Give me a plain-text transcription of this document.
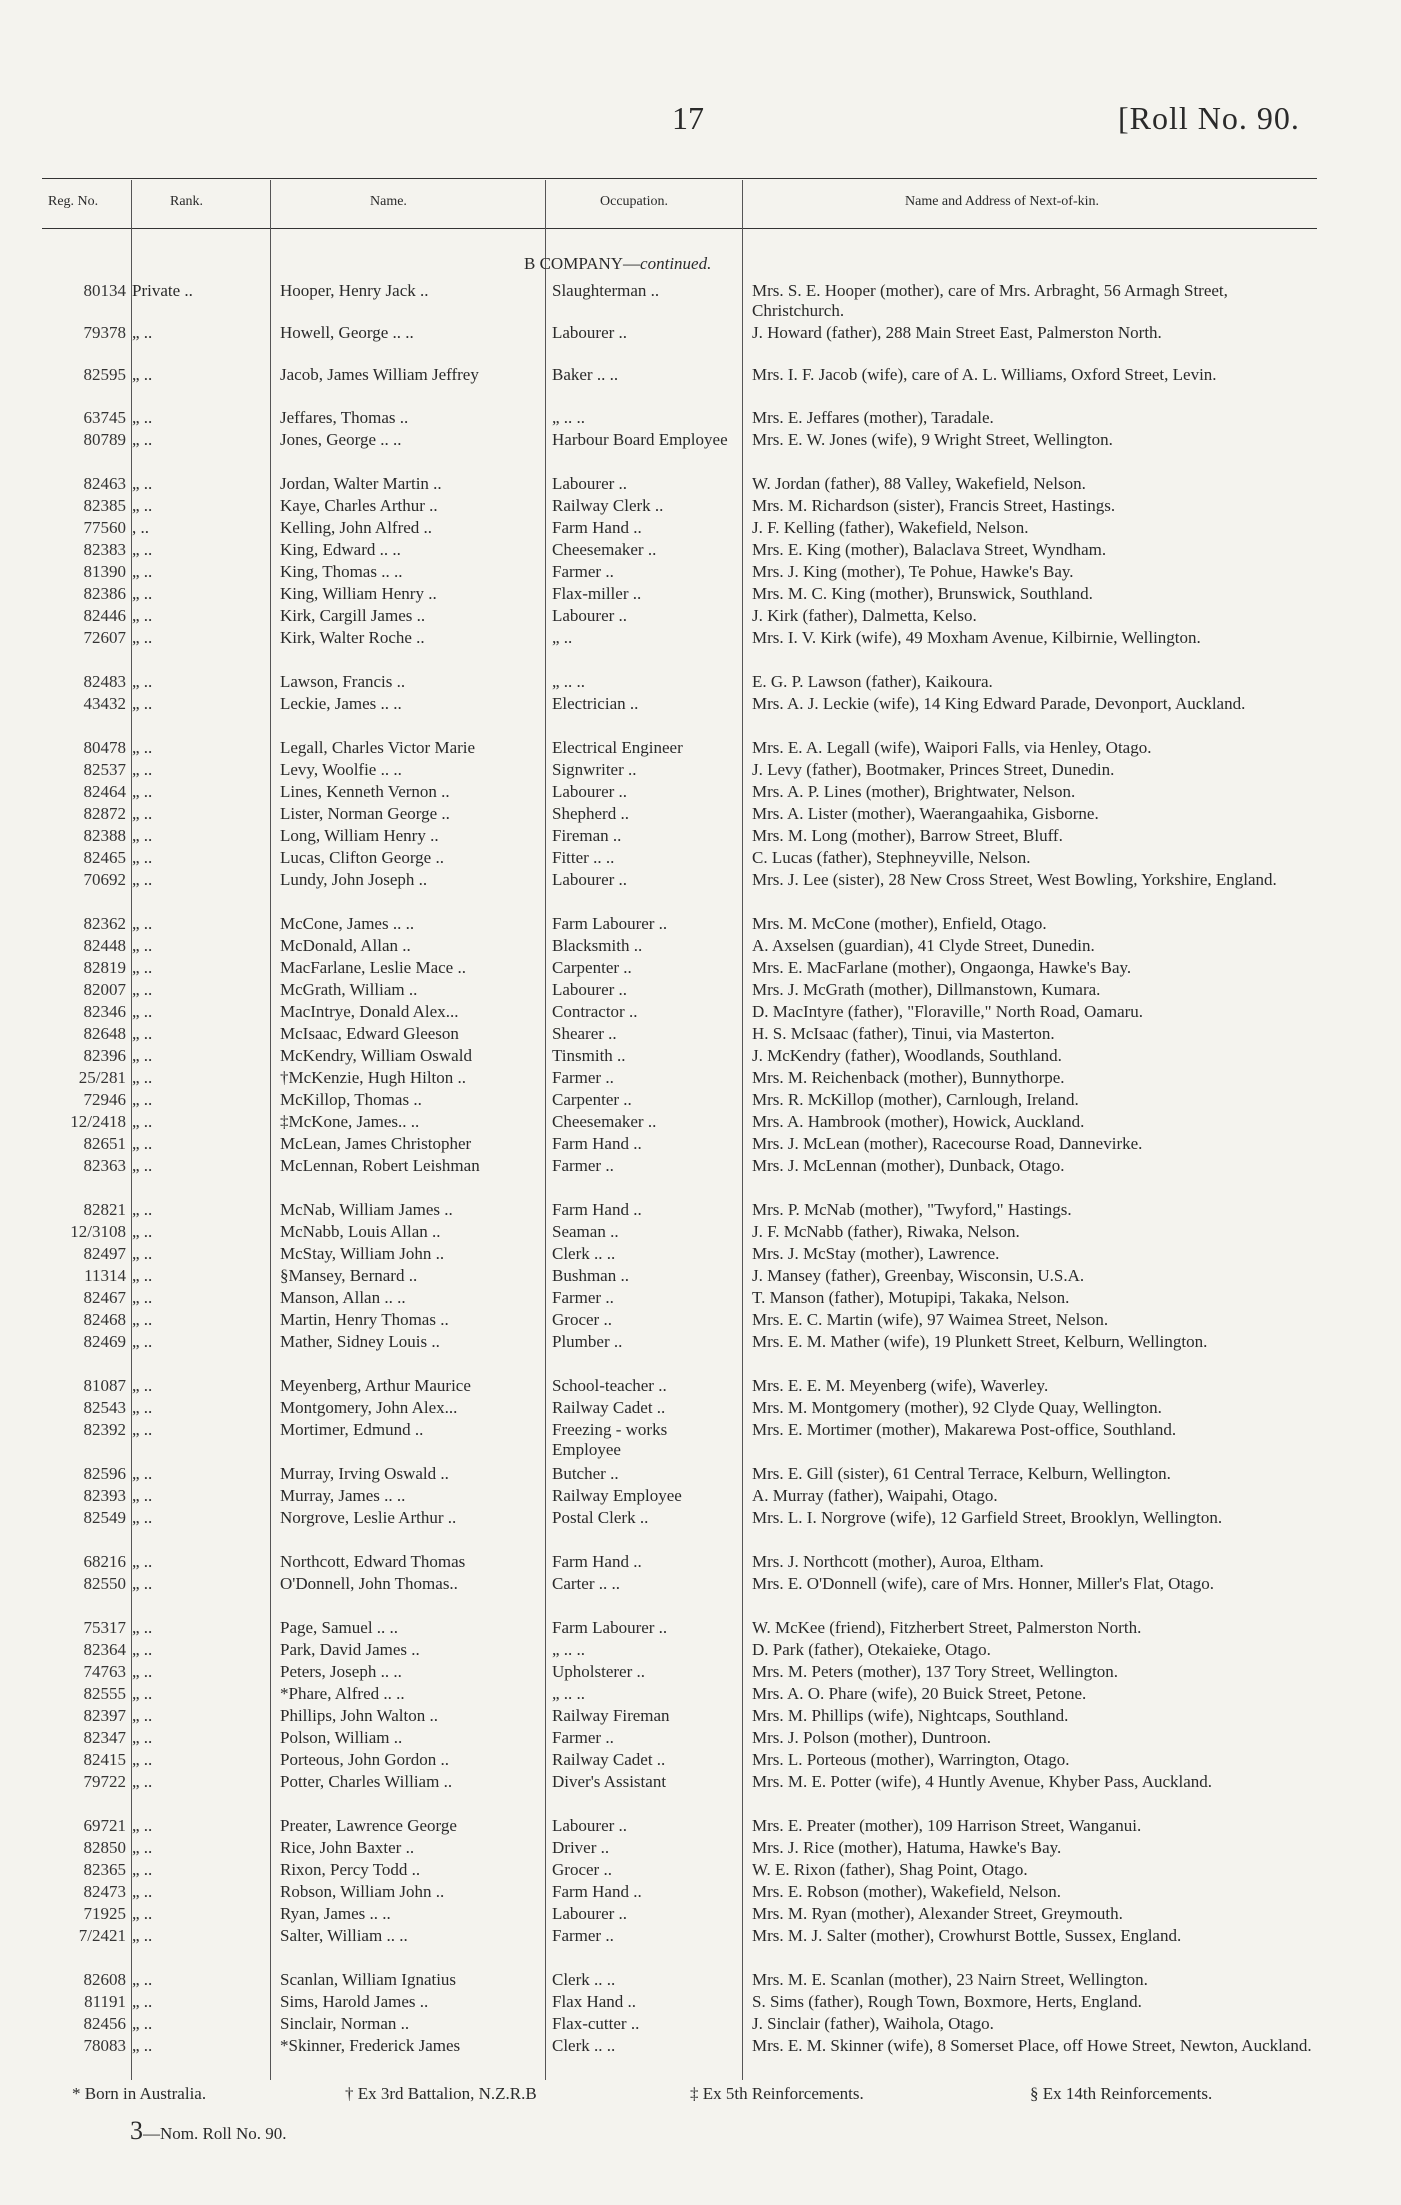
17	[Roll No. 90.
Reg. No.	Rank.	Name.	Occupation.	Name and Address of Next-of-kin.
B COMPANY—continued.
80134 Private ..	Hooper, Henry Jack ..	Slaughterman ..	Mrs. S. E. Hooper (mother), care of Mrs. Arbraght, 56 Armagh Street, Christchurch.
79378 „ ..	Howell, George .. ..	Labourer ..	J. Howard (father), 288 Main Street East, Palmerston North.
82595 „ ..	Jacob, James William Jeffrey	Baker .. ..	Mrs. I. F. Jacob (wife), care of A. L. Williams, Oxford Street, Levin.
63745 „ ..	Jeffares, Thomas ..	„ .. ..	Mrs. E. Jeffares (mother), Taradale.
80789 „ ..	Jones, George .. ..	Harbour Board Employee Mrs. E. W. Jones (wife), 9 Wright Street, Wellington.
82463 „ ..	Jordan, Walter Martin ..	Labourer ..	W. Jordan (father), 88 Valley, Wakefield, Nelson.
82385 „ ..	Kaye, Charles Arthur ..	Railway Clerk ..	Mrs. M. Richardson (sister), Francis Street, Hastings.
77560 , ..	Kelling, John Alfred ..	Farm Hand ..	J. F. Kelling (father), Wakefield, Nelson.
82383 „ ..	King, Edward .. ..	Cheesemaker ..	Mrs. E. King (mother), Balaclava Street, Wyndham.
81390 „ ..	King, Thomas .. ..	Farmer ..	Mrs. J. King (mother), Te Pohue, Hawke's Bay.
82386 „ ..	King, William Henry ..	Flax-miller ..	Mrs. M. C. King (mother), Brunswick, Southland.
82446 „ ..	Kirk, Cargill James ..	Labourer ..	J. Kirk (father), Dalmetta, Kelso.
72607 „ ..	Kirk, Walter Roche ..	„ ..	Mrs. I. V. Kirk (wife), 49 Moxham Avenue, Kilbirnie, Wellington.
82483 „ ..	Lawson, Francis ..	„ .. ..	E. G. P. Lawson (father), Kaikoura.
43432 „ ..	Leckie, James .. ..	Electrician ..	Mrs. A. J. Leckie (wife), 14 King Edward Parade, Devonport, Auckland.
80478 „ ..	Legall, Charles Victor Marie	Electrical Engineer	Mrs. E. A. Legall (wife), Waipori Falls, via Henley, Otago.
82537 „ ..	Levy, Woolfie .. ..	Signwriter ..	J. Levy (father), Bootmaker, Princes Street, Dunedin.
82464 „ ..	Lines, Kenneth Vernon ..	Labourer ..	Mrs. A. P. Lines (mother), Brightwater, Nelson.
82872 „ ..	Lister, Norman George ..	Shepherd ..	Mrs. A. Lister (mother), Waerangaahika, Gisborne.
82388 „ ..	Long, William Henry ..	Fireman ..	Mrs. M. Long (mother), Barrow Street, Bluff.
82465 „ ..	Lucas, Clifton George ..	Fitter .. ..	C. Lucas (father), Stephneyville, Nelson.
70692 „ ..	Lundy, John Joseph ..	Labourer ..	Mrs. J. Lee (sister), 28 New Cross Street, West Bowling, Yorkshire, England.
82362 „ ..	McCone, James .. ..	Farm Labourer ..	Mrs. M. McCone (mother), Enfield, Otago.
82448 „ ..	McDonald, Allan ..	Blacksmith ..	A. Axselsen (guardian), 41 Clyde Street, Dunedin.
82819 „ ..	MacFarlane, Leslie Mace ..	Carpenter ..	Mrs. E. MacFarlane (mother), Ongaonga, Hawke's Bay.
82007 „ ..	McGrath, William ..	Labourer ..	Mrs. J. McGrath (mother), Dillmanstown, Kumara.
82346 „ ..	MacIntrye, Donald Alex...	Contractor ..	D. MacIntyre (father), "Floraville," North Road, Oamaru.
82648 „ ..	McIsaac, Edward Gleeson	Shearer ..	H. S. McIsaac (father), Tinui, via Masterton.
82396 „ ..	McKendry, William Oswald	Tinsmith ..	J. McKendry (father), Woodlands, Southland.
25/281 „ ..	†McKenzie, Hugh Hilton ..	Farmer ..	Mrs. M. Reichenback (mother), Bunnythorpe.
72946 „ ..	McKillop, Thomas ..	Carpenter ..	Mrs. R. McKillop (mother), Carnlough, Ireland.
12/2418 „ ..	‡McKone, James.. ..	Cheesemaker ..	Mrs. A. Hambrook (mother), Howick, Auckland.
82651 „ ..	McLean, James Christopher	Farm Hand ..	Mrs. J. McLean (mother), Racecourse Road, Dannevirke.
82363 „ ..	McLennan, Robert Leishman	Farmer ..	Mrs. J. McLennan (mother), Dunback, Otago.
82821 „ ..	McNab, William James ..	Farm Hand ..	Mrs. P. McNab (mother), "Twyford," Hastings.
12/3108 „ ..	McNabb, Louis Allan ..	Seaman ..	J. F. McNabb (father), Riwaka, Nelson.
82497 „ ..	McStay, William John ..	Clerk .. ..	Mrs. J. McStay (mother), Lawrence.
11314 „ ..	§Mansey, Bernard ..	Bushman ..	J. Mansey (father), Greenbay, Wisconsin, U.S.A.
82467 „ ..	Manson, Allan .. ..	Farmer ..	T. Manson (father), Motupipi, Takaka, Nelson.
82468 „ ..	Martin, Henry Thomas ..	Grocer ..	Mrs. E. C. Martin (wife), 97 Waimea Street, Nelson.
82469 „ ..	Mather, Sidney Louis ..	Plumber ..	Mrs. E. M. Mather (wife), 19 Plunkett Street, Kelburn, Wellington.
81087 „ ..	Meyenberg, Arthur Maurice	School-teacher ..	Mrs. E. E. M. Meyenberg (wife), Waverley.
82543 „ ..	Montgomery, John Alex...	Railway Cadet ..	Mrs. M. Montgomery (mother), 92 Clyde Quay, Wellington.
82392 „ ..	Mortimer, Edmund ..	Freezing - works Employee
Mrs. E. Mortimer (mother), Makarewa Post-office, Southland.
82596 „ ..	Murray, Irving Oswald ..	Butcher ..	Mrs. E. Gill (sister), 61 Central Terrace, Kelburn, Wellington.
82393 „ ..	Murray, James .. ..	Railway Employee	A. Murray (father), Waipahi, Otago.
82549 „ ..	Norgrove, Leslie Arthur ..	Postal Clerk ..	Mrs. L. I. Norgrove (wife), 12 Garfield Street, Brooklyn, Wellington.
68216 „ ..	Northcott, Edward Thomas	Farm Hand ..	Mrs. J. Northcott (mother), Auroa, Eltham.
82550 „ ..	O'Donnell, John Thomas..	Carter .. ..	Mrs. E. O'Donnell (wife), care of Mrs. Honner, Miller's Flat, Otago.
75317 „ ..	Page, Samuel .. ..	Farm Labourer ..	W. McKee (friend), Fitzherbert Street, Palmerston North.
82364 „ ..	Park, David James ..	„ .. ..	D. Park (father), Otekaieke, Otago.
74763 „ ..	Peters, Joseph .. ..	Upholsterer ..	Mrs. M. Peters (mother), 137 Tory Street, Wellington.
82555 „ ..	*Phare, Alfred .. ..	„ .. ..	Mrs. A. O. Phare (wife), 20 Buick Street, Petone.
82397 „ ..	Phillips, John Walton ..	Railway Fireman	Mrs. M. Phillips (wife), Nightcaps, Southland.
82347 „ ..	Polson, William ..	Farmer ..	Mrs. J. Polson (mother), Duntroon.
82415 „ ..	Porteous, John Gordon ..	Railway Cadet ..	Mrs. L. Porteous (mother), Warrington, Otago.
79722 „ ..	Potter, Charles William ..	Diver's Assistant	Mrs. M. E. Potter (wife), 4 Huntly Avenue, Khyber Pass, Auckland.
69721 „ ..	Preater, Lawrence George	Labourer ..	Mrs. E. Preater (mother), 109 Harrison Street, Wanganui.
82850 „ ..	Rice, John Baxter ..	Driver ..	Mrs. J. Rice (mother), Hatuma, Hawke's Bay.
82365 „ ..	Rixon, Percy Todd ..	Grocer ..	W. E. Rixon (father), Shag Point, Otago.
82473 „ ..	Robson, William John ..	Farm Hand ..	Mrs. E. Robson (mother), Wakefield, Nelson.
71925 „ ..	Ryan, James .. ..	Labourer ..	Mrs. M. Ryan (mother), Alexander Street, Greymouth.
7/2421 „ ..	Salter, William .. ..	Farmer ..	Mrs. M. J. Salter (mother), Crowhurst Bottle, Sussex, England.
82608 „ ..	Scanlan, William Ignatius	Clerk .. ..	Mrs. M. E. Scanlan (mother), 23 Nairn Street, Wellington.
81191 „ ..	Sims, Harold James ..	Flax Hand ..	S. Sims (father), Rough Town, Boxmore, Herts, England.
82456 „ ..	Sinclair, Norman ..	Flax-cutter ..	J. Sinclair (father), Waihola, Otago.
78083 „ ..	*Skinner, Frederick James	Clerk .. ..	Mrs. E. M. Skinner (wife), 8 Somerset Place, off Howe Street, Newton, Auckland.
* Born in Australia.	† Ex 3rd Battalion, N.Z.R.B	‡ Ex 5th Reinforcements.	§ Ex 14th Reinforcements.
3—Nom. Roll No. 90.
